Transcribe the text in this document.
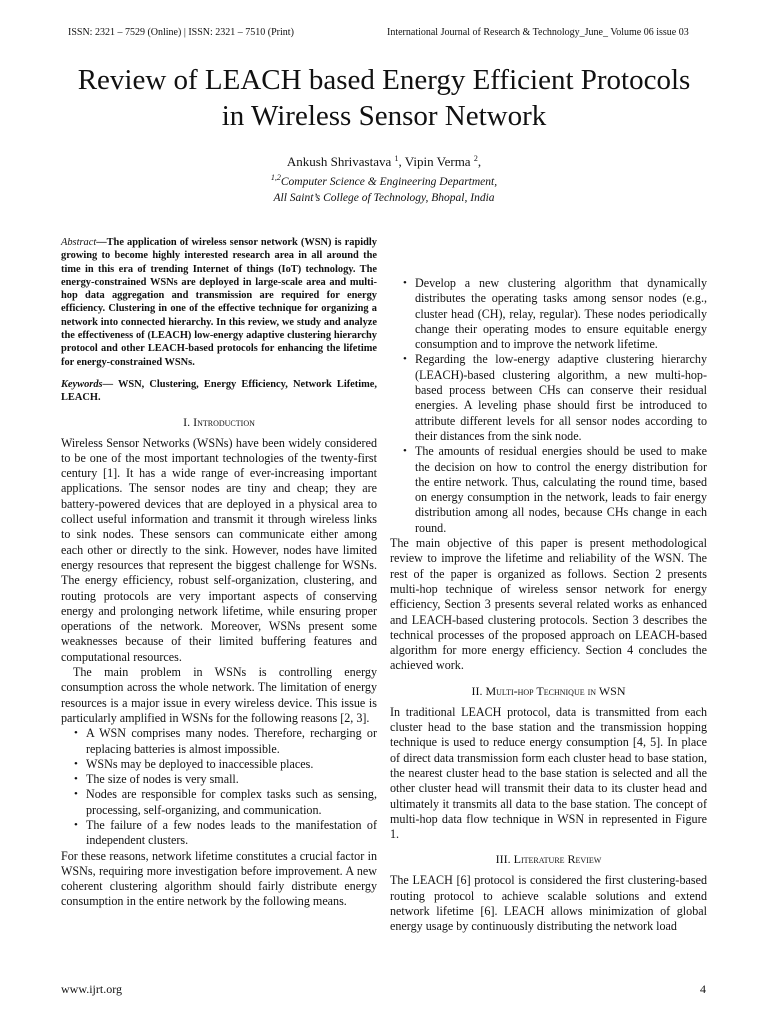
ISSN: 2321 – 7529 (Online) | ISSN: 2321 – 7510 (Print)	International Journal of Research & Technology_June_ Volume 06 issue 03
Review of LEACH based Energy Efficient Protocols
in Wireless Sensor Network
Ankush Shrivastava $^1$, Vipin Verma $^2$,
$^{1,2}$Computer Science & Engineering Department,
All Saint’s College of Technology, Bhopal, India

Abstract—The application of wireless sensor network (WSN) is rapidly growing to become highly interested research area in all around the time in this era of trending Internet of things (IoT) technology. The energy-constrained WSNs are deployed in large-scale area and multi-hop data aggregation and transmission are required for energy efficiency. Clustering in one of the effective technique for organizing a network into connected hierarchy. In this review, we study and analyze the effectiveness of (LEACH) low-energy adaptive clustering hierarchy protocol and other LEACH-based protocols for enhancing the lifetime for energy-constrained WSNs.

Keywords— WSN, Clustering, Energy Efficiency, Network Lifetime, LEACH.

I. Introduction

Wireless Sensor Networks (WSNs) have been widely considered to be one of the most important technologies of the twenty-first century [1]. It has a wide range of ever-increasing important applications. The sensor nodes are tiny and cheap; they are battery-powered devices that are deployed in a physical area to collect useful information and transmit it through wireless links to sink nodes. These sensors can communicate either among each other or directly to the sink. However, nodes have limited energy resources that represent the biggest challenge for WSNs. The energy efficiency, robust self-organization, clustering, and routing protocols are very important aspects of conserving energy and prolonging network lifetime, while ensuring proper operations of the network. Moreover, WSNs present some weaknesses because of their limited buffering features and computational resources.

The main problem in WSNs is controlling energy consumption across the whole network. The limitation of energy resources is a major issue in every wireless device. This issue is particularly amplified in WSNs for the following reasons [2, 3].

• A WSN comprises many nodes. Therefore, recharging or replacing batteries is almost impossible.
• WSNs may be deployed to inaccessible places.
• The size of nodes is very small.
• Nodes are responsible for complex tasks such as sensing, processing, self-organizing, and communication.
• The failure of a few nodes leads to the manifestation of independent clusters.

For these reasons, network lifetime constitutes a crucial factor in WSNs, requiring more investigation before improvement. A new coherent clustering algorithm should fairly distribute energy consumption in the entire network by the following means.

• Develop a new clustering algorithm that dynamically distributes the operating tasks among sensor nodes (e.g., cluster head (CH), relay, regular). These nodes periodically change their operating modes to ensure equitable energy consumption and to improve the network lifetime.
• Regarding the low-energy adaptive clustering hierarchy (LEACH)-based clustering algorithm, a new multi-hop-based process between CHs can conserve their residual energies. A leveling phase should first be introduced to attribute different levels for all sensor nodes according to their distances from the sink node.
• The amounts of residual energies should be used to make the decision on how to control the energy distribution for the entire network. Thus, calculating the round time, based on energy consumption in the network, leads to fair energy distribution among all nodes, because CHs change in each round.

The main objective of this paper is present methodological review to improve the lifetime and reliability of the WSN. The rest of the paper is organized as follows. Section 2 presents multi-hop technique of wireless sensor network for energy efficiency, Section 3 presents several related works as enhanced and LEACH-based clustering protocols. Section 3 describes the technical processes of the proposed approach on LEACH-based algorithm for more energy efficiency. Section 4 concludes the achieved work.

II. Multi-hop Technique in WSN

In traditional LEACH protocol, data is transmitted from each cluster head to the base station and the transmission hopping technique is used to reduce energy consumption [4, 5]. In place of direct data transmission form each cluster head to base station, the nearest cluster head to the base station is selected and all the other cluster head will transmit their data to its cluster head and ultimately it transmits all data to the base station. The concept of multi-hop data flow technique in WSN in represented in Figure 1.

III. Literature Review

The LEACH [6] protocol is considered the first clustering-based routing protocol to achieve scalable solutions and extend network lifetime [6]. LEACH allows minimization of global energy usage by continuously distributing the network load

www.ijrt.org	4
